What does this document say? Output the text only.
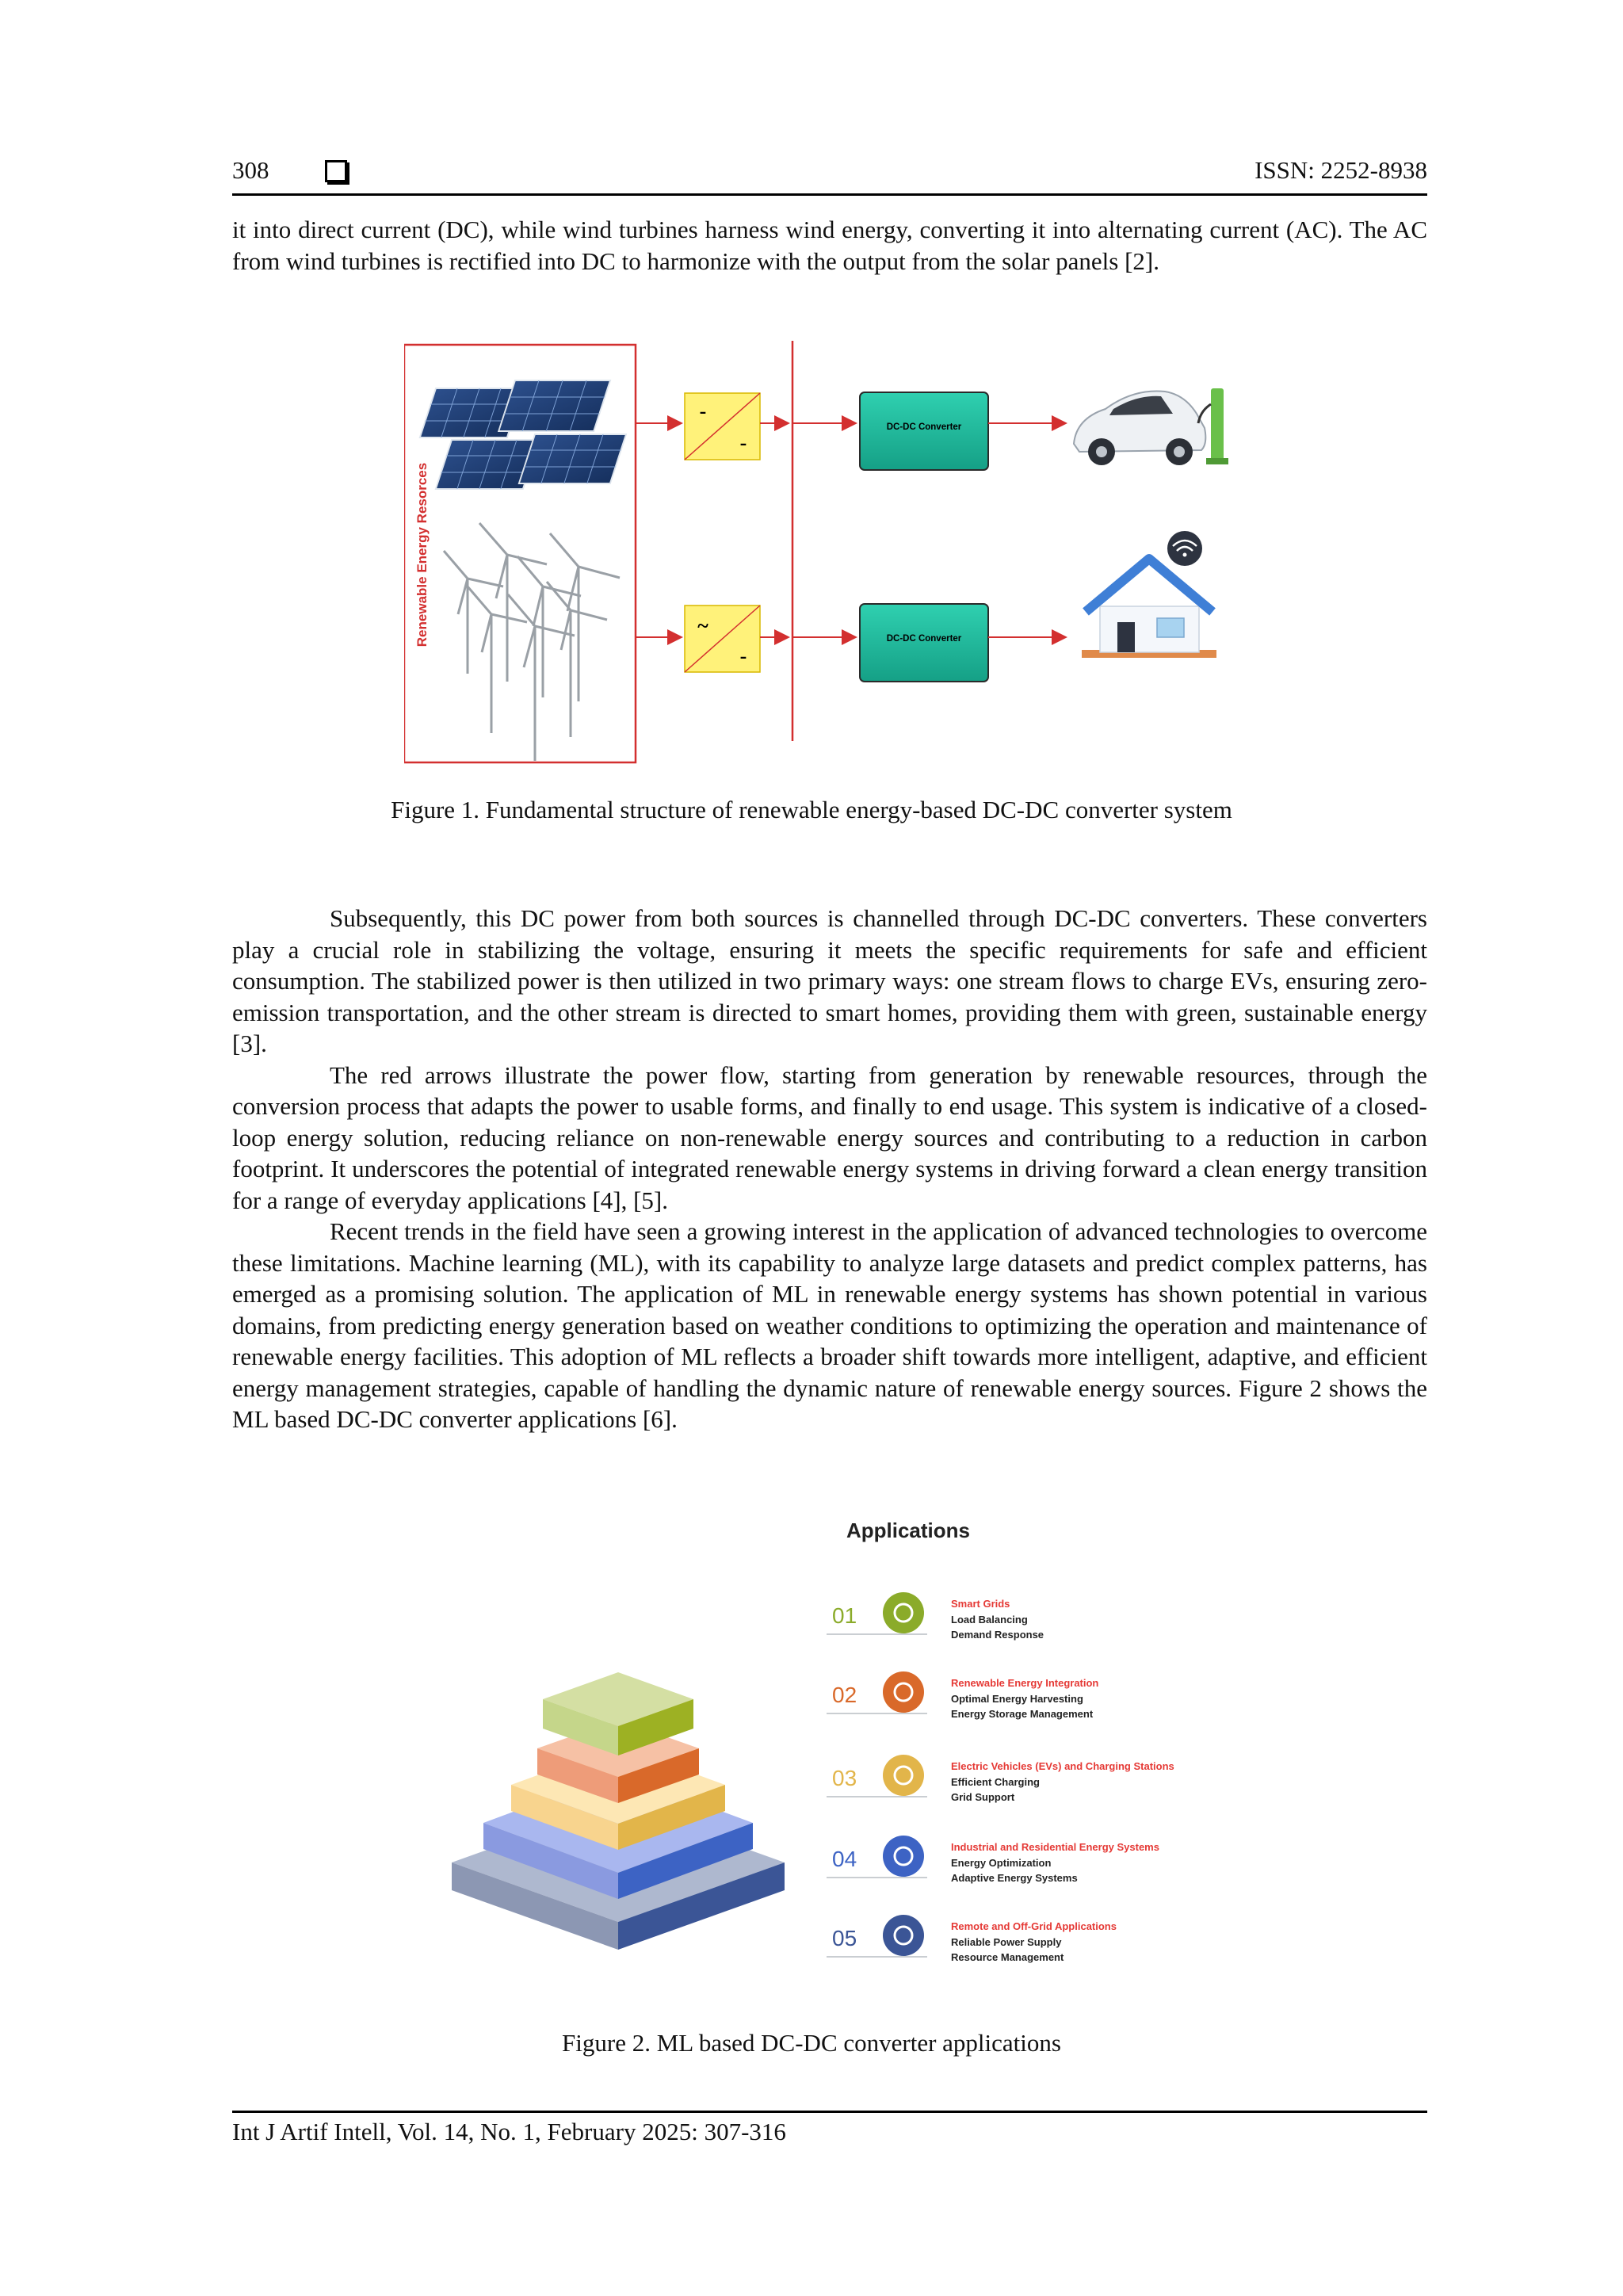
308	ISSN: 2252-8938

it into direct current (DC), while wind turbines harness wind energy, converting it into alternating current (AC). The AC from wind turbines is rectified into DC to harmonize with the output from the solar panels [2].

Renewable Energy Resorces
-
-
~
-
DC-DC Converter
DC-DC Converter

Figure 1. Fundamental structure of renewable energy-based DC-DC converter system

Subsequently, this DC power from both sources is channelled through DC-DC converters. These converters play a crucial role in stabilizing the voltage, ensuring it meets the specific requirements for safe and efficient consumption. The stabilized power is then utilized in two primary ways: one stream flows to charge EVs, ensuring zero-emission transportation, and the other stream is directed to smart homes, providing them with green, sustainable energy [3].

The red arrows illustrate the power flow, starting from generation by renewable resources, through the conversion process that adapts the power to usable forms, and finally to end usage. This system is indicative of a closed-loop energy solution, reducing reliance on non-renewable energy sources and contributing to a reduction in carbon footprint. It underscores the potential of integrated renewable energy systems in driving forward a clean energy transition for a range of everyday applications [4], [5].

Recent trends in the field have seen a growing interest in the application of advanced technologies to overcome these limitations. Machine learning (ML), with its capability to analyze large datasets and predict complex patterns, has emerged as a promising solution. The application of ML in renewable energy systems has shown potential in various domains, from predicting energy generation based on weather conditions to optimizing the operation and maintenance of renewable energy facilities. This adoption of ML reflects a broader shift towards more intelligent, adaptive, and efficient energy management strategies, capable of handling the dynamic nature of renewable energy sources. Figure 2 shows the ML based DC-DC converter applications [6].

Applications
01	Smart Grids
Load Balancing
Demand Response
02	Renewable Energy Integration
Optimal Energy Harvesting
Energy Storage Management
03	Electric Vehicles (EVs) and Charging Stations
Efficient Charging
Grid Support
04	Industrial and Residential Energy Systems
Energy Optimization
Adaptive Energy Systems
05	Remote and Off-Grid Applications
Reliable Power Supply
Resource Management

Figure 2. ML based DC-DC converter applications

Int J Artif Intell, Vol. 14, No. 1, February 2025: 307-316
